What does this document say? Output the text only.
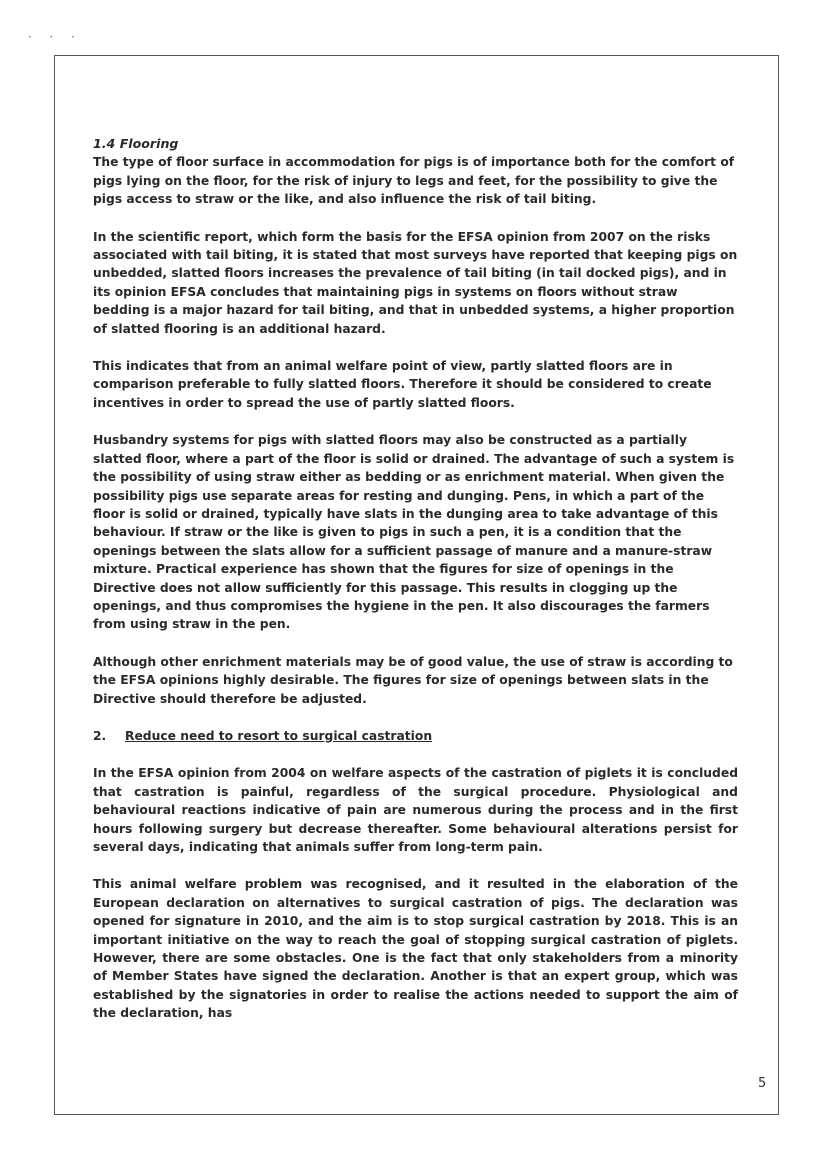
•••
1.4 Flooring

The type of floor surface in accommodation for pigs is of importance both for the comfort of pigs lying on the floor, for the risk of injury to legs and feet, for the possibility to give the pigs access to straw or the like, and also influence the risk of tail biting.

In the scientific report, which form the basis for the EFSA opinion from 2007 on the risks associated with tail biting, it is stated that most surveys have reported that keeping pigs on unbedded, slatted floors increases the prevalence of tail biting (in tail docked pigs), and in its opinion EFSA concludes that maintaining pigs in systems on floors without straw bedding is a major hazard for tail biting, and that in unbedded systems, a higher proportion of slatted flooring is an additional hazard.

This indicates that from an animal welfare point of view, partly slatted floors are in comparison preferable to fully slatted floors. Therefore it should be considered to create incentives in order to spread the use of partly slatted floors.

Husbandry systems for pigs with slatted floors may also be constructed as a partially slatted floor, where a part of the floor is solid or drained. The advantage of such a system is the possibility of using straw either as bedding or as enrichment material. When given the possibility pigs use separate areas for resting and dunging. Pens, in which a part of the floor is solid or drained, typically have slats in the dunging area to take advantage of this behaviour. If straw or the like is given to pigs in such a pen, it is a condition that the openings between the slats allow for a sufficient passage of manure and a manure-straw mixture. Practical experience has shown that the figures for size of openings in the Directive does not allow sufficiently for this passage. This results in clogging up the openings, and thus compromises the hygiene in the pen. It also discourages the farmers from using straw in the pen.

Although other enrichment materials may be of good value, the use of straw is according to the EFSA opinions highly desirable. The figures for size of openings between slats in the Directive should therefore be adjusted.

2. Reduce need to resort to surgical castration

In the EFSA opinion from 2004 on welfare aspects of the castration of piglets it is concluded that castration is painful, regardless of the surgical procedure. Physiological and behavioural reactions indicative of pain are numerous during the process and in the first hours following surgery but decrease thereafter. Some behavioural alterations persist for several days, indicating that animals suffer from long-term pain.

This animal welfare problem was recognised, and it resulted in the elaboration of the European declaration on alternatives to surgical castration of pigs. The declaration was opened for signature in 2010, and the aim is to stop surgical castration by 2018. This is an important initiative on the way to reach the goal of stopping surgical castration of piglets. However, there are some obstacles. One is the fact that only stakeholders from a minority of Member States have signed the declaration. Another is that an expert group, which was established by the signatories in order to realise the actions needed to support the aim of the declaration, has

5
